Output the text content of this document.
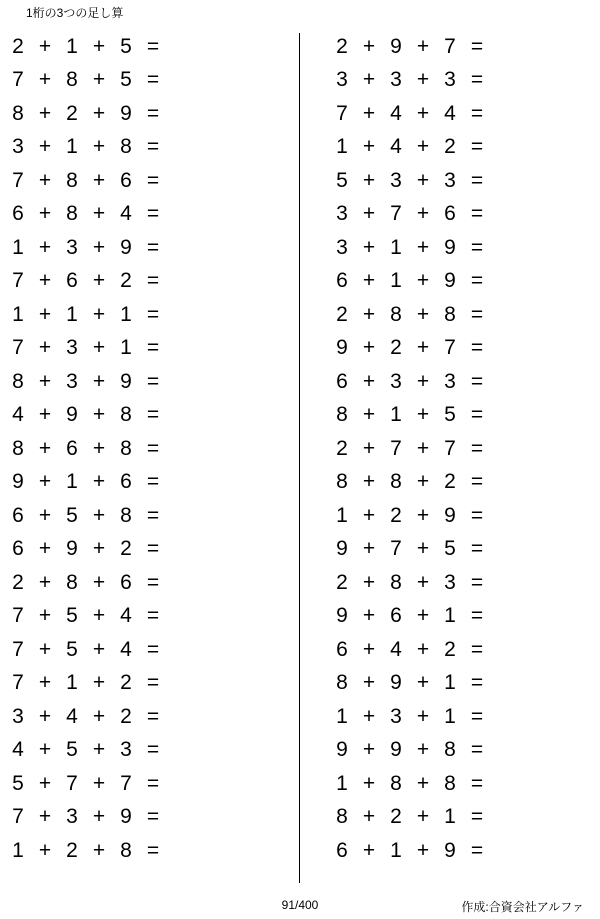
1桁の3つの足し算
2 + 1 + 5 =
7 + 8 + 5 =
8 + 2 + 9 =
3 + 1 + 8 =
7 + 8 + 6 =
6 + 8 + 4 =
1 + 3 + 9 =
7 + 6 + 2 =
1 + 1 + 1 =
7 + 3 + 1 =
8 + 3 + 9 =
4 + 9 + 8 =
8 + 6 + 8 =
9 + 1 + 6 =
6 + 5 + 8 =
6 + 9 + 2 =
2 + 8 + 6 =
7 + 5 + 4 =
7 + 5 + 4 =
7 + 1 + 2 =
3 + 4 + 2 =
4 + 5 + 3 =
5 + 7 + 7 =
7 + 3 + 9 =
1 + 2 + 8 =
2 + 9 + 7 =
3 + 3 + 3 =
7 + 4 + 4 =
1 + 4 + 2 =
5 + 3 + 3 =
3 + 7 + 6 =
3 + 1 + 9 =
6 + 1 + 9 =
2 + 8 + 8 =
9 + 2 + 7 =
6 + 3 + 3 =
8 + 1 + 5 =
2 + 7 + 7 =
8 + 8 + 2 =
1 + 2 + 9 =
9 + 7 + 5 =
2 + 8 + 3 =
9 + 6 + 1 =
6 + 4 + 2 =
8 + 9 + 1 =
1 + 3 + 1 =
9 + 9 + 8 =
1 + 8 + 8 =
8 + 2 + 1 =
6 + 1 + 9 =
91/400	作成:合資会社アルファ
